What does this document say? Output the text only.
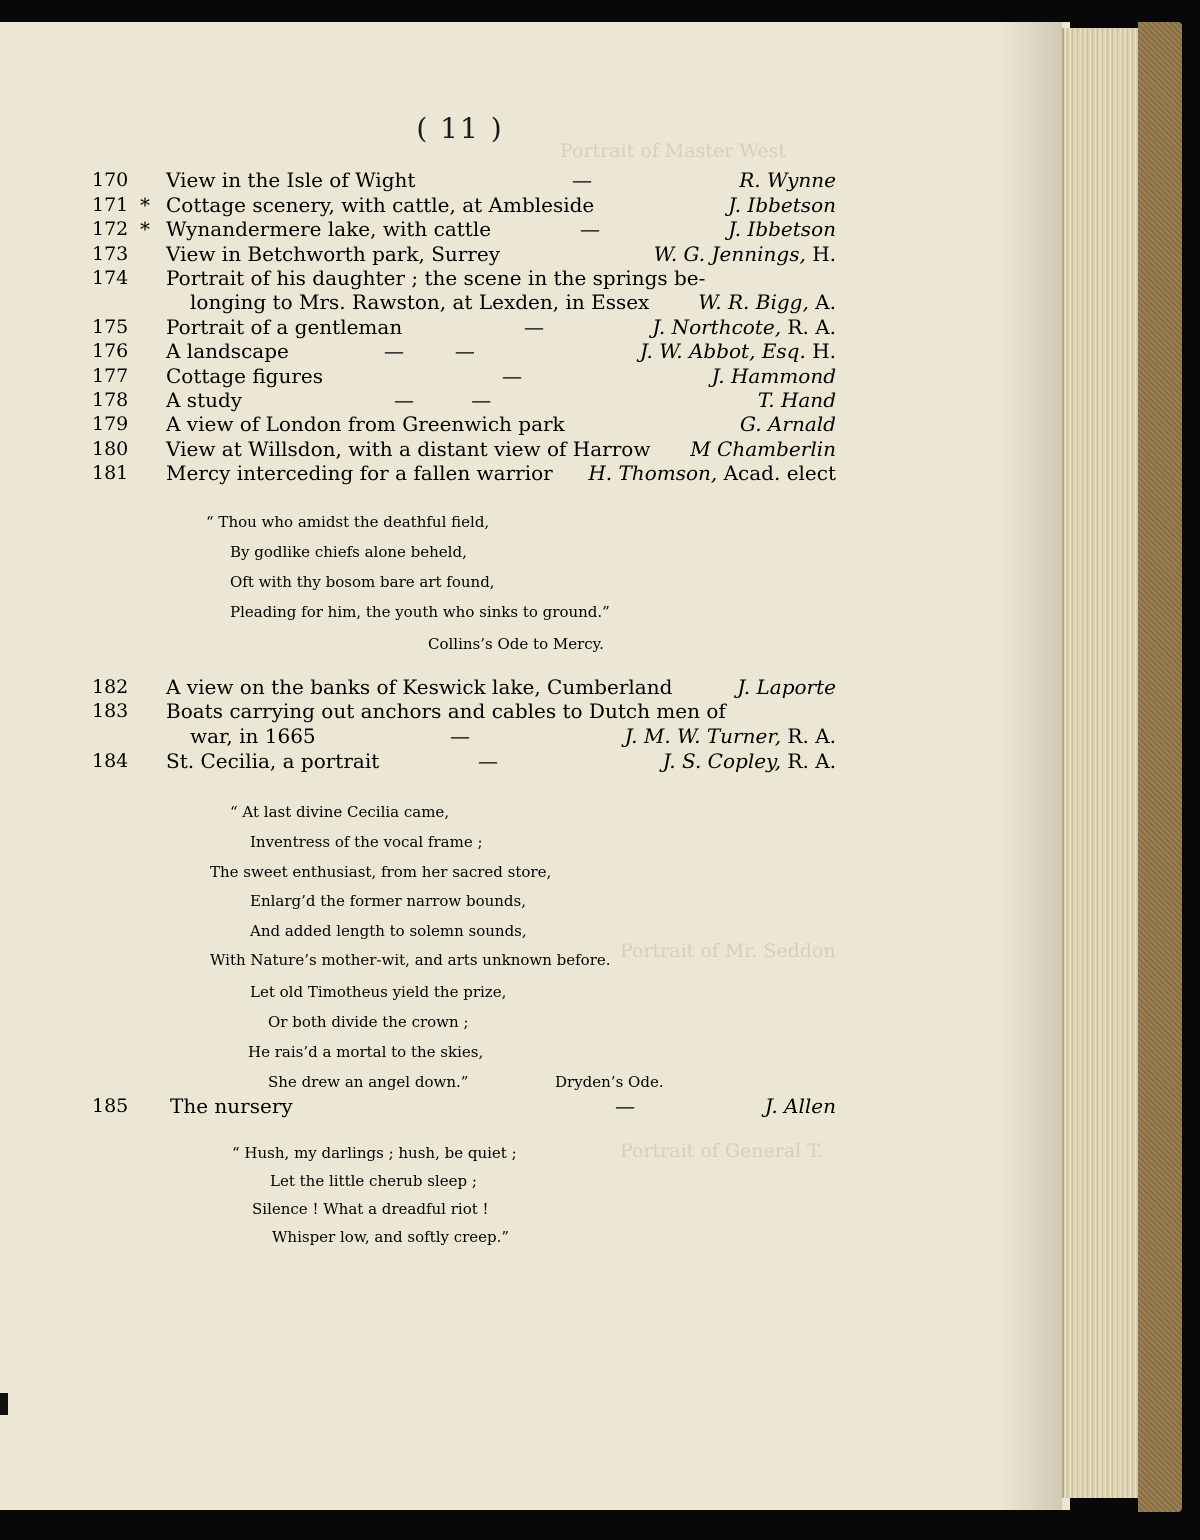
Portrait of Master West
Portrait of Mr. Seddon
Portrait of General T.
( 11 )
170 View in the Isle of Wight	—	R. Wynne
171 * Cottage scenery, with cattle, at Ambleside	J. Ibbetson
172 * Wynandermere lake, with cattle	—	J. Ibbetson
173 View in Betchworth park, Surrey	W. G. Jennings, H.
174 Portrait of his daughter ; the scene in the springs be-
longing to Mrs. Rawston, at Lexden, in Essex W. R. Bigg, A.
175 Portrait of a gentleman	—	J. Northcote, R. A.
176 A landscape	—        —	J. W. Abbot, Esq. H.
177 Cottage figures	—	J. Hammond
178 A study	—         —	T. Hand
179 A view of London from Greenwich park	G. Arnald
180 View at Willsdon, with a distant view of Harrow M Chamberlin
181 Mercy interceding for a fallen warrior H. Thomson, Acad. elect
“ Thou who amidst the deathful field,
By godlike chiefs alone beheld,
Oft with thy bosom bare art found,
Pleading for him, the youth who sinks to ground.”
Collins’s Ode to Mercy.
182 A view on the banks of Keswick lake, Cumberland	J. Laporte
183 Boats carrying out anchors and cables to Dutch men of
war, in 1665	—	J. M. W. Turner, R. A.
184 St. Cecilia, a portrait	—	J. S. Copley, R. A.
“ At last divine Cecilia came,
Inventress of the vocal frame ;
The sweet enthusiast, from her sacred store,
Enlarg’d the former narrow bounds,
And added length to solemn sounds,
With Nature’s mother-wit, and arts unknown before.
Let old Timotheus yield the prize,
Or both divide the crown ;
He rais’d a mortal to the skies,
She drew an angel down.”	Dryden’s Ode.
185 The nursery	—	J. Allen
“ Hush, my darlings ; hush, be quiet ;
Let the little cherub sleep ;
Silence ! What a dreadful riot !
Whisper low, and softly creep.”
